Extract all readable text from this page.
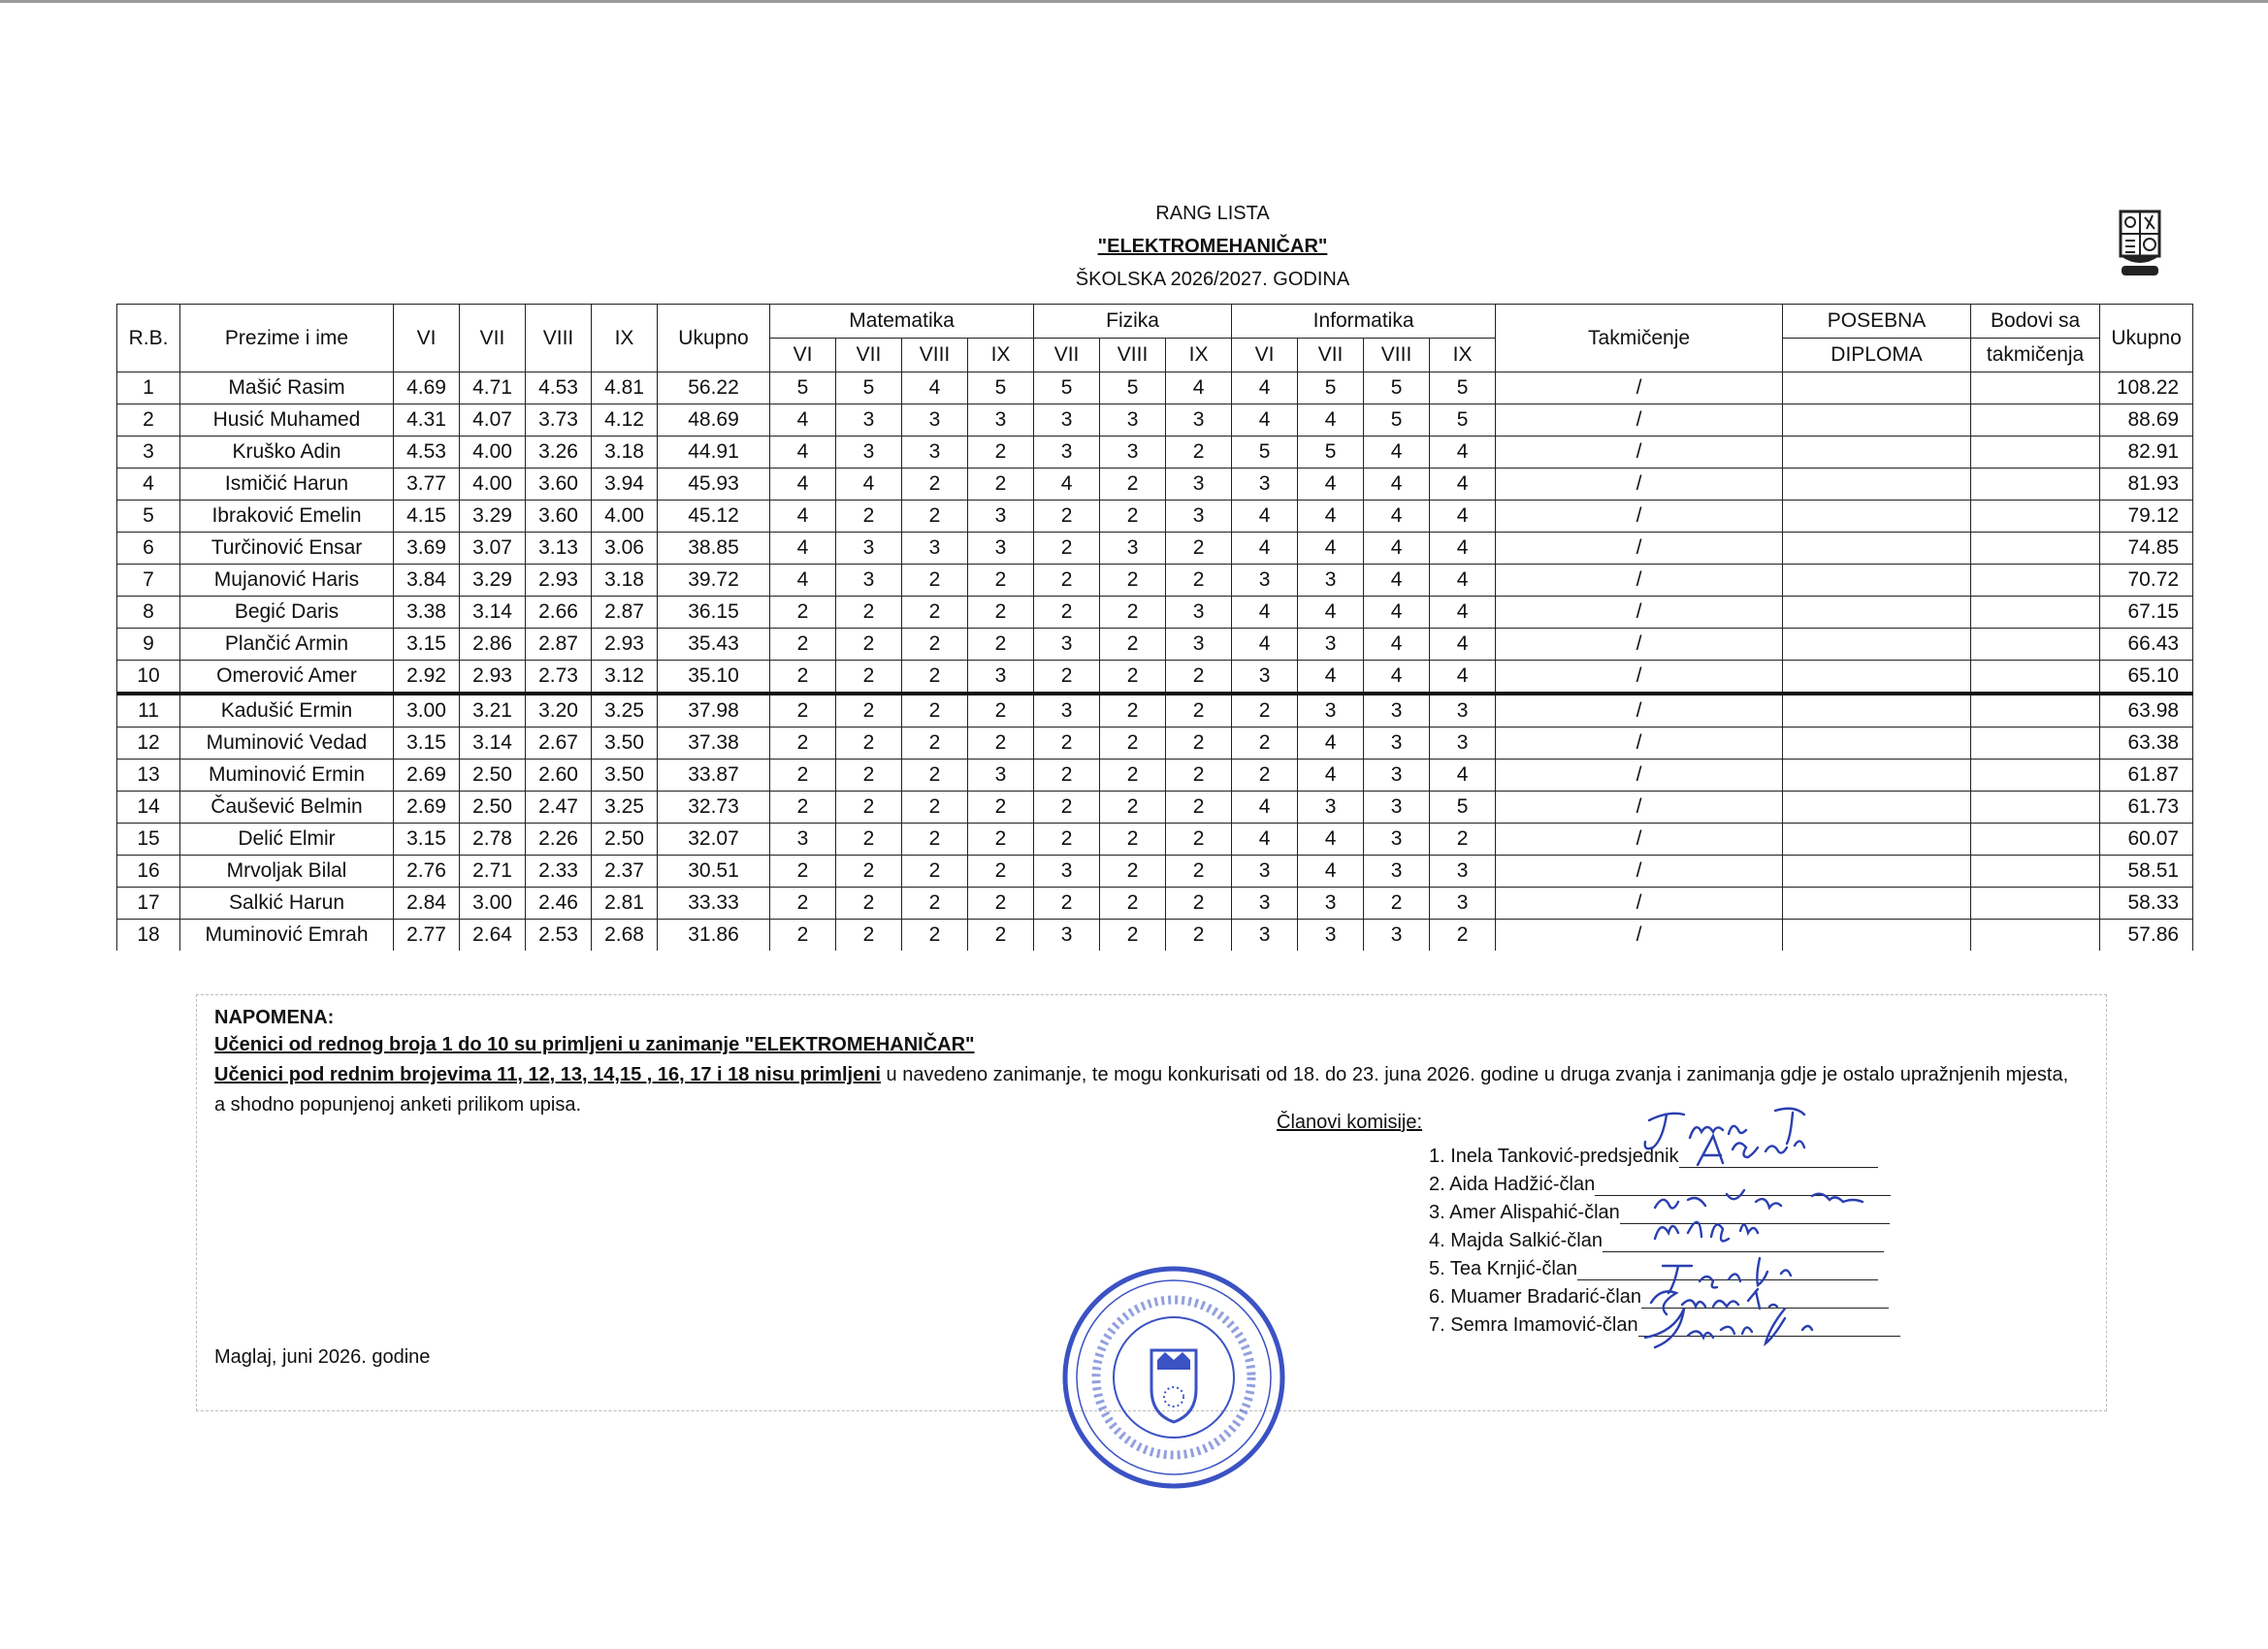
RANG LISTA
"ELEKTROMEHANIČAR"
ŠKOLSKA 2026/2027. GODINA
R.B.	Prezime i ime	VI	VII	VIII	IX	Ukupno	Matematika				Fizika			Informatika				Takmičenje	POSEBNA	Bodovi sa	Ukupno
							VI	VII	VIII	IX	VII	VIII	IX	VI	VII	VIII	IX		DIPLOMA	takmičenja	
1	Mašić Rasim	4.69	4.71	4.53	4.81	56.22	5	5	4	5	5	5	4	4	5	5	5	/			108.22
2	Husić Muhamed	4.31	4.07	3.73	4.12	48.69	4	3	3	3	3	3	3	4	4	5	5	/			88.69
3	Kruško Adin	4.53	4.00	3.26	3.18	44.91	4	3	3	2	3	3	2	5	5	4	4	/			82.91
4	Ismičić Harun	3.77	4.00	3.60	3.94	45.93	4	4	2	2	4	2	3	3	4	4	4	/			81.93
5	Ibraković Emelin	4.15	3.29	3.60	4.00	45.12	4	2	2	3	2	2	3	4	4	4	4	/			79.12
6	Turčinović Ensar	3.69	3.07	3.13	3.06	38.85	4	3	3	3	2	3	2	4	4	4	4	/			74.85
7	Mujanović Haris	3.84	3.29	2.93	3.18	39.72	4	3	2	2	2	2	2	3	3	4	4	/			70.72
8	Begić Daris	3.38	3.14	2.66	2.87	36.15	2	2	2	2	2	2	3	4	4	4	4	/			67.15
9	Plančić Armin	3.15	2.86	2.87	2.93	35.43	2	2	2	2	3	2	3	4	3	4	4	/			66.43
10	Omerović Amer	2.92	2.93	2.73	3.12	35.10	2	2	2	3	2	2	2	3	4	4	4	/			65.10
11	Kadušić Ermin	3.00	3.21	3.20	3.25	37.98	2	2	2	2	3	2	2	2	3	3	3	/			63.98
12	Muminović Vedad	3.15	3.14	2.67	3.50	37.38	2	2	2	2	2	2	2	2	4	3	3	/			63.38
13	Muminović Ermin	2.69	2.50	2.60	3.50	33.87	2	2	2	3	2	2	2	2	4	3	4	/			61.87
14	Čaušević Belmin	2.69	2.50	2.47	3.25	32.73	2	2	2	2	2	2	2	4	3	3	5	/			61.73
15	Delić Elmir	3.15	2.78	2.26	2.50	32.07	3	2	2	2	2	2	2	4	4	3	2	/			60.07
16	Mrvoljak Bilal	2.76	2.71	2.33	2.37	30.51	2	2	2	2	3	2	2	3	4	3	3	/			58.51
17	Salkić Harun	2.84	3.00	2.46	2.81	33.33	2	2	2	2	2	2	2	3	3	2	3	/			58.33
18	Muminović Emrah	2.77	2.64	2.53	2.68	31.86	2	2	2	2	3	2	2	3	3	3	2	/			57.86
NAPOMENA:
Učenici od rednog broja 1 do 10 su primljeni u zanimanje "ELEKTROMEHANIČAR"
Učenici pod rednim brojevima 11, 12, 13, 14,15 , 16, 17 i 18 nisu primljeni u navedeno zanimanje, te mogu konkurisati od 18. do 23. juna 2026. godine u druga zvanja i zanimanja gdje je ostalo upražnjenih mjesta, a shodno popunjenoj anketi prilikom upisa.
Članovi komisije:
1. Inela Tanković-predsjednik
2. Aida Hadžić-član
3. Amer Alispahić-član
4. Majda Salkić-član
5. Tea Krnjić-član
6. Muamer Bradarić-član
7. Semra Imamović-član
Maglaj, juni 2026. godine
